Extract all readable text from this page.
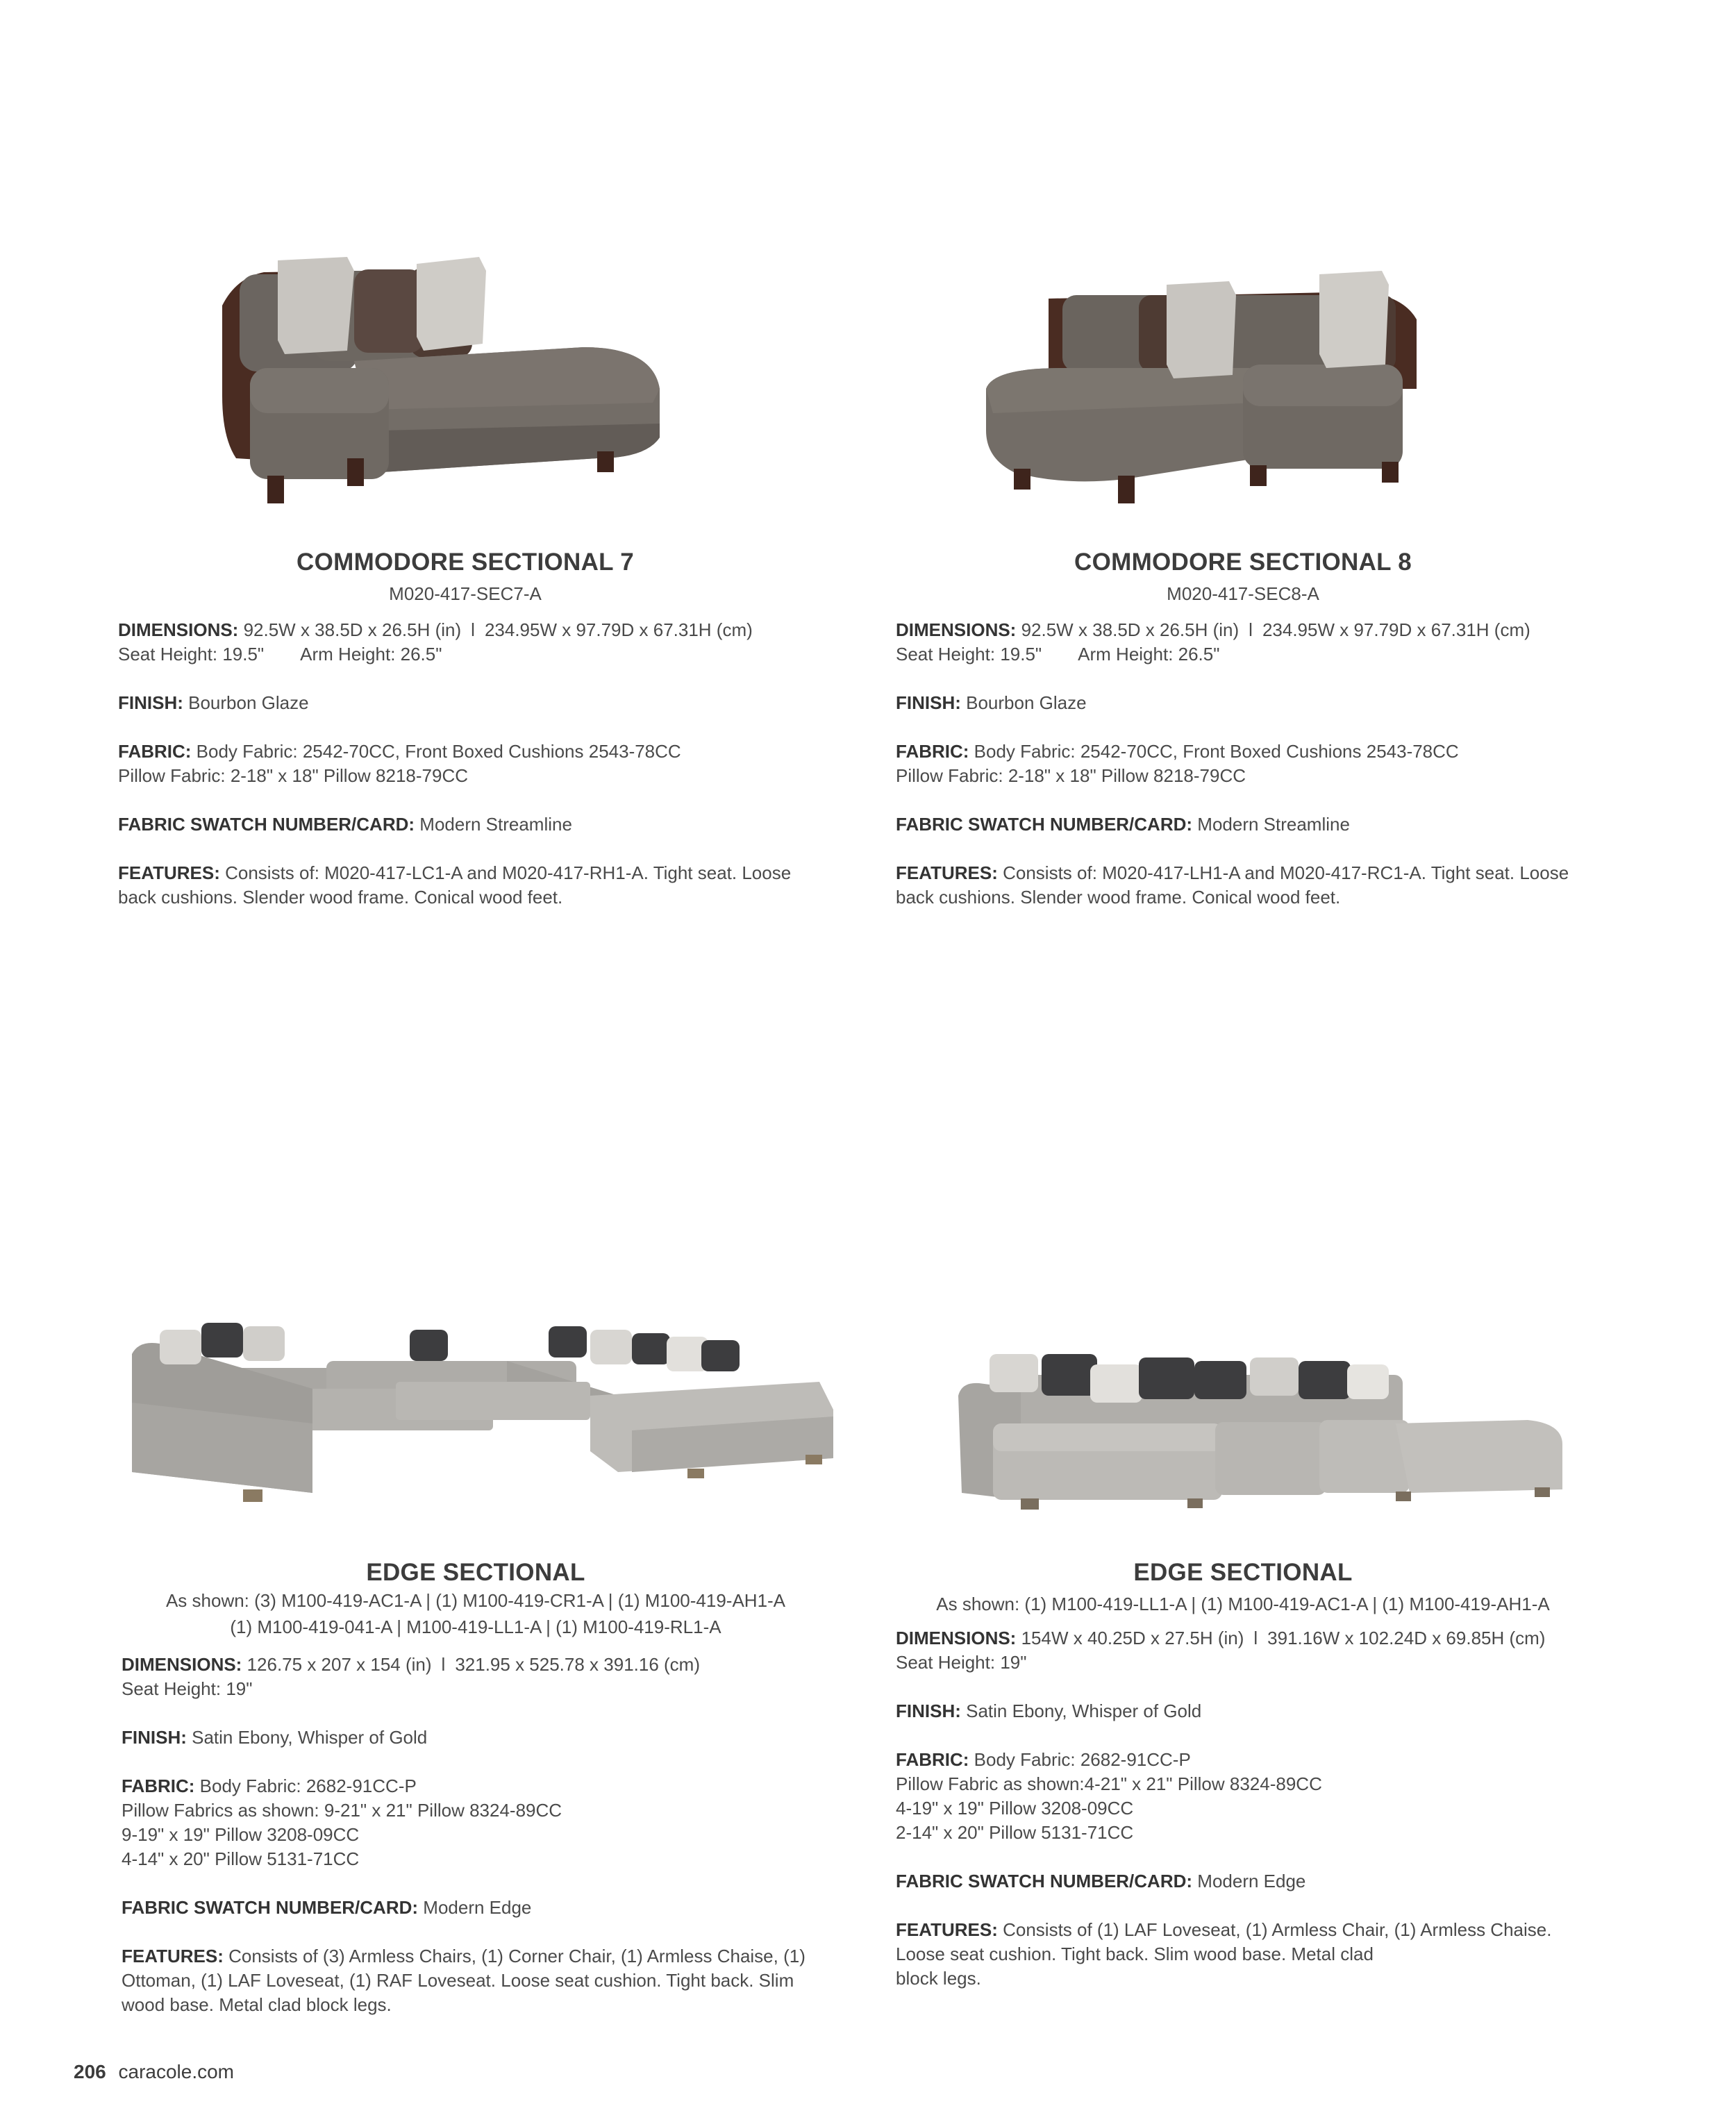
COMMODORE SECTIONAL 7
M020-417-SEC7-A
DIMENSIONS: 92.5W x 38.5D x 26.5H (in) l 234.95W x 97.79D x 67.31H (cm)
Seat Height: 19.5" Arm Height: 26.5"
FINISH: Bourbon Glaze
FABRIC: Body Fabric: 2542-70CC, Front Boxed Cushions 2543-78CC
Pillow Fabric: 2-18" x 18" Pillow 8218-79CC
FABRIC SWATCH NUMBER/CARD: Modern Streamline
FEATURES: Consists of: M020-417-LC1-A and M020-417-RH1-A. Tight seat. Loose back cushions. Slender wood frame. Conical wood feet.
COMMODORE SECTIONAL 8
M020-417-SEC8-A
DIMENSIONS: 92.5W x 38.5D x 26.5H (in) l 234.95W x 97.79D x 67.31H (cm)
Seat Height: 19.5" Arm Height: 26.5"
FINISH: Bourbon Glaze
FABRIC: Body Fabric: 2542-70CC, Front Boxed Cushions 2543-78CC
Pillow Fabric: 2-18" x 18" Pillow 8218-79CC
FABRIC SWATCH NUMBER/CARD: Modern Streamline
FEATURES: Consists of: M020-417-LH1-A and M020-417-RC1-A. Tight seat. Loose back cushions. Slender wood frame. Conical wood feet.
EDGE SECTIONAL
As shown: (3) M100-419-AC1-A | (1) M100-419-CR1-A | (1) M100-419-AH1-A
(1) M100-419-041-A | M100-419-LL1-A | (1) M100-419-RL1-A
DIMENSIONS: 126.75 x 207 x 154 (in) l 321.95 x 525.78 x 391.16 (cm)
Seat Height: 19"
FINISH: Satin Ebony, Whisper of Gold
FABRIC: Body Fabric: 2682-91CC-P
Pillow Fabrics as shown: 9-21" x 21" Pillow 8324-89CC
9-19" x 19" Pillow 3208-09CC
4-14" x 20" Pillow 5131-71CC
FABRIC SWATCH NUMBER/CARD: Modern Edge
FEATURES: Consists of (3) Armless Chairs, (1) Corner Chair, (1) Armless Chaise, (1) Ottoman, (1) LAF Loveseat, (1) RAF Loveseat. Loose seat cushion. Tight back. Slim wood base. Metal clad block legs.
EDGE SECTIONAL
As shown: (1) M100-419-LL1-A | (1) M100-419-AC1-A | (1) M100-419-AH1-A
DIMENSIONS: 154W x 40.25D x 27.5H (in) l 391.16W x 102.24D x 69.85H (cm)
Seat Height: 19"
FINISH: Satin Ebony, Whisper of Gold
FABRIC: Body Fabric: 2682-91CC-P
Pillow Fabric as shown:4-21" x 21" Pillow 8324-89CC
4-19" x 19" Pillow 3208-09CC
2-14" x 20" Pillow 5131-71CC
FABRIC SWATCH NUMBER/CARD: Modern Edge
FEATURES: Consists of (1) LAF Loveseat, (1) Armless Chair, (1) Armless Chaise.
Loose seat cushion. Tight back. Slim wood base. Metal clad
block legs.
206 caracole.com
